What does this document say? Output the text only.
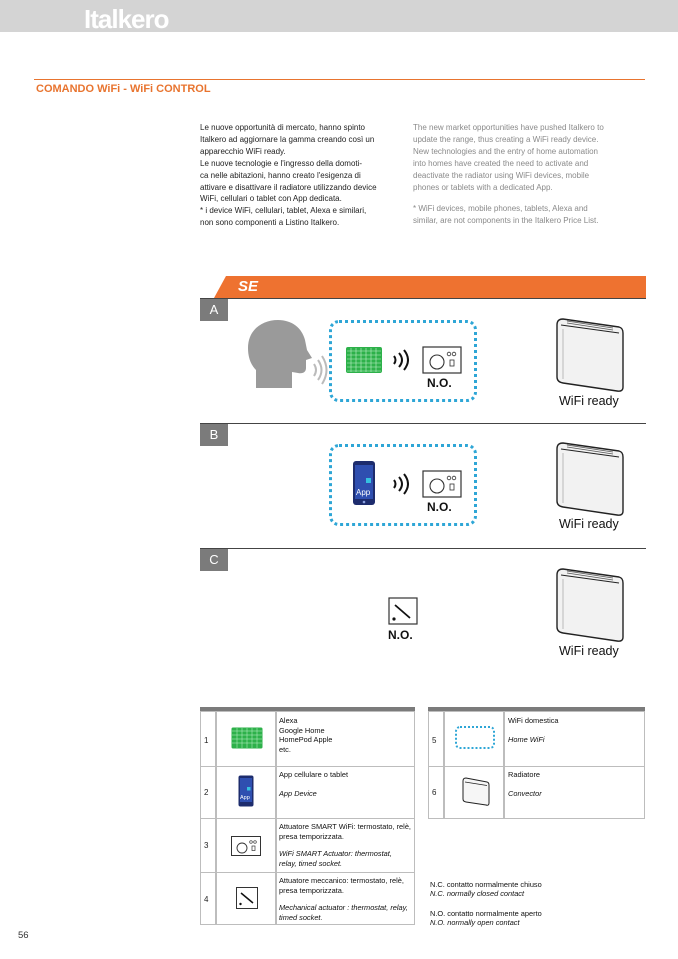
Italkero
COMANDO WiFi - WiFi CONTROL

Le nuove opportunità di mercato, hanno spinto

Italkero ad aggiornare la gamma creando così un

apparecchio WiFi ready.

Le nuove tecnologie e l'ingresso della domoti-

ca nelle abitazioni, hanno creato l'esigenza di

attivare e disattivare il radiatore utilizzando device

WiFi, cellulari o tablet con App dedicata.

* i device WiFi, cellulari, tablet, Alexa e similari,

non sono componenti a Listino Italkero.

The new market opportunities have pushed Italkero to

update the range, thus creating a WiFi ready device.

New technologies and the entry of home automation

into homes have created the need to activate and

deactivate the radiator using WiFi devices, mobile

phones or tablets with a dedicated App.

* WiFi devices, mobile phones, tablets, Alexa and

similar, are not components in the Italkero Price List.

SE
A
N.O.
WiFi ready
B
App
N.O.
WiFi ready
C
N.O.
WiFi ready
1
Alexa
Google Home
HomePod Apple
etc.
2
App
App cellulare o tablet
App Device
3
Attuatore SMART WiFi: termostato, relè, presa temporizzata.
WiFi SMART Actuator: thermostat, relay, timed socket.
4
Attuatore meccanico: termostato, relè, presa temporizzata.
Mechanical actuator : thermostat, relay, timed socket.
5
WiFi domestica
Home WiFi
6
Radiatore
Convector
N.C. contatto normalmente chiuso
N.C. normally closed contact
N.O. contatto normalmente aperto
N.O. normally open contact
56
